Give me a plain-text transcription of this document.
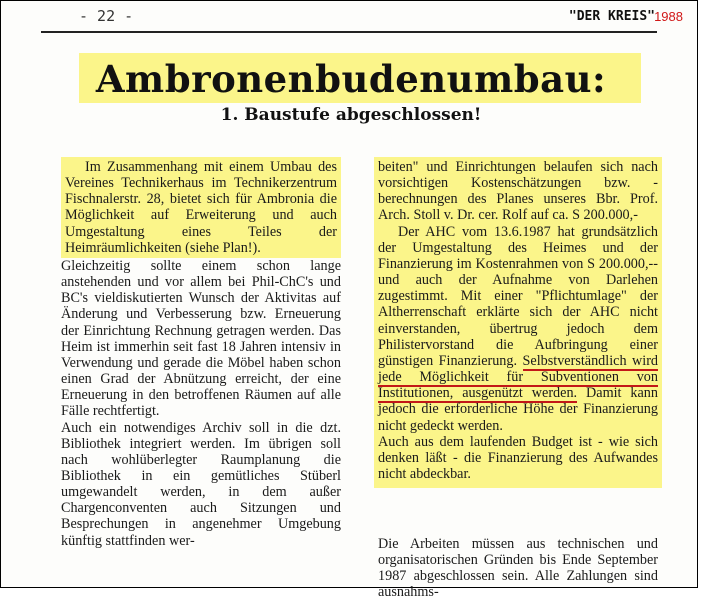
- 22 -	"DER KREIS" 1988
Ambronenbudenumbau:
1. Baustufe abgeschlossen!

Im Zusammenhang mit einem Umbau des Vereines Technikerhaus im Technikerzentrum Fischnalerstr. 28, bietet sich für Ambronia die Möglichkeit auf Erweiterung und auch Umgestaltung eines Teiles der Heimräumlichkeiten (siehe Plan!).

Gleichzeitig sollte einem schon lange anstehenden und vor allem bei Phil-ChC's und BC's vieldiskutierten Wunsch der Aktivitas auf Änderung und Verbesserung bzw. Erneuerung der Einrichtung Rechnung getragen werden. Das Heim ist immerhin seit fast 18 Jahren intensiv in Verwendung und gerade die Möbel haben schon einen Grad der Abnützung erreicht, der eine Erneuerung in den betroffenen Räumen auf alle Fälle rechtfertigt.

Auch ein notwendiges Archiv soll in die dzt. Bibliothek integriert werden. Im übrigen soll nach wohlüberlegter Raumplanung die Bibliothek in ein gemütliches Stüberl umgewandelt werden, in dem außer Chargenconventen auch Sitzungen und Besprechungen in angenehmer Umgebung künftig stattfinden wer-

beiten" und Einrichtungen belaufen sich nach vorsichtigen Kostenschätzungen bzw. -berechnungen des Planes unseres Bbr. Prof. Arch. Stoll v. Dr. cer. Rolf auf ca. S 200.000,-

Der AHC vom 13.6.1987 hat grundsätzlich der Umgestaltung des Heimes und der Finanzierung im Kostenrahmen von S 200.000,-- und auch der Aufnahme von Darlehen zugestimmt. Mit einer "Pflichtumlage" der Altherrenschaft erklärte sich der AHC nicht einverstanden, übertrug jedoch dem Philistervorstand die Aufbringung einer günstigen Finanzierung. Selbstverständlich wird jede Möglichkeit für Subventionen von Institutionen, ausgenützt werden. Damit kann jedoch die erforderliche Höhe der Finanzierung nicht gedeckt werden.

Auch aus dem laufenden Budget ist - wie sich denken läßt - die Finanzierung des Aufwandes nicht abdeckbar.

Die Arbeiten müssen aus technischen und organisatorischen Gründen bis Ende September 1987 abgeschlossen sein. Alle Zahlungen sind ausnahms-
